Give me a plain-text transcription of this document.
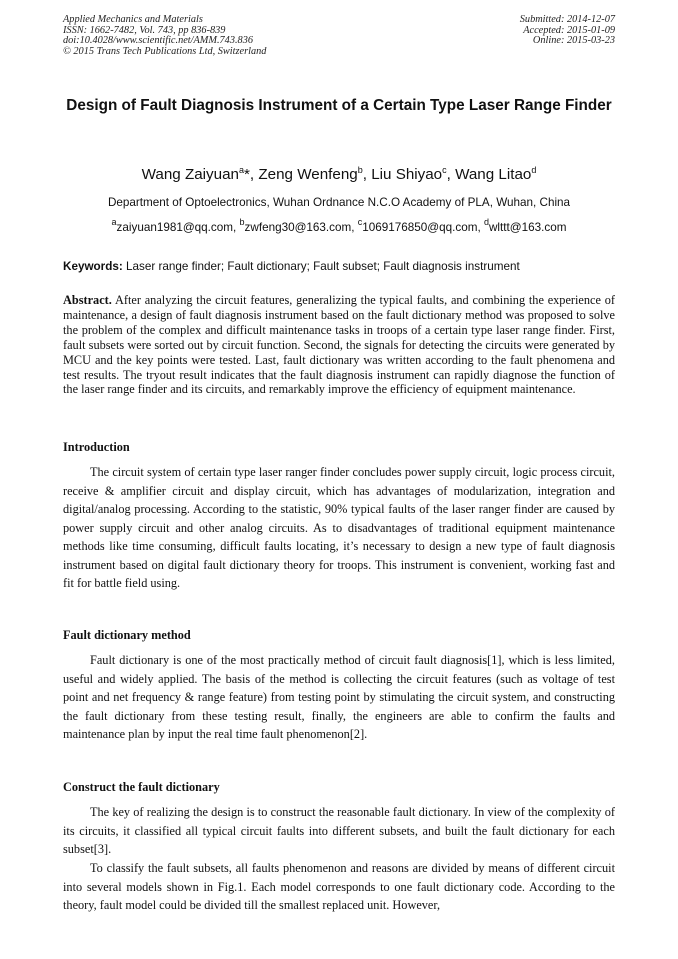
Applied Mechanics and Materials
ISSN: 1662-7482, Vol. 743, pp 836-839
doi:10.4028/www.scientific.net/AMM.743.836
© 2015 Trans Tech Publications Ltd, Switzerland
Submitted: 2014-12-07
Accepted: 2015-01-09
Online: 2015-03-23
Design of Fault Diagnosis Instrument of a Certain Type Laser Range Finder
Wang Zaiyuan$^a$*, Zeng Wenfeng$^b$, Liu Shiyao$^c$, Wang Litao$^d$
Department of Optoelectronics, Wuhan Ordnance N.C.O Academy of PLA, Wuhan, China
$^a$zaiyuan1981@qq.com, $^b$zwfeng30@163.com, $^c$1069176850@qq.com, $^d$wlttt@163.com
Keywords: Laser range finder; Fault dictionary; Fault subset; Fault diagnosis instrument
Abstract. After analyzing the circuit features, generalizing the typical faults, and combining the experience of maintenance, a design of fault diagnosis instrument based on the fault dictionary method was proposed to solve the problem of the complex and difficult maintenance tasks in troops of a certain type laser range finder. First, fault subsets were sorted out by circuit function. Second, the signals for detecting the circuits were generated by MCU and the key points were tested. Last, fault dictionary was written according to the fault phenomena and test results. The tryout result indicates that the fault diagnosis instrument can rapidly diagnose the function of the laser range finder and its circuits, and remarkably improve the efficiency of equipment maintenance.
Introduction
The circuit system of certain type laser ranger finder concludes power supply circuit, logic process circuit, receive & amplifier circuit and display circuit, which has advantages of modularization, integration and digital/analog processing. According to the statistic, 90% typical faults of the laser ranger finder are caused by power supply circuit and other analog circuits. As to disadvantages of traditional equipment maintenance methods like time consuming, difficult faults locating, it’s necessary to design a new type of fault diagnosis instrument based on digital fault dictionary theory for troops. This instrument is convenient, working fast and fit for battle field using.
Fault dictionary method
Fault dictionary is one of the most practically method of circuit fault diagnosis[1], which is less limited, useful and widely applied. The basis of the method is collecting the circuit features (such as voltage of test point and net frequency & range feature) from testing point by stimulating the circuit system, and constructing the fault dictionary from these testing result, finally, the engineers are able to confirm the faults and maintenance plan by input the real time fault phenomenon[2].
Construct the fault dictionary
The key of realizing the design is to construct the reasonable fault dictionary. In view of the complexity of its circuits, it classified all typical circuit faults into different subsets, and built the fault dictionary for each subset[3].
To classify the fault subsets, all faults phenomenon and reasons are divided by means of different circuit into several models shown in Fig.1. Each model corresponds to one fault dictionary code. According to the theory, fault model could be divided till the smallest replaced unit. However,
